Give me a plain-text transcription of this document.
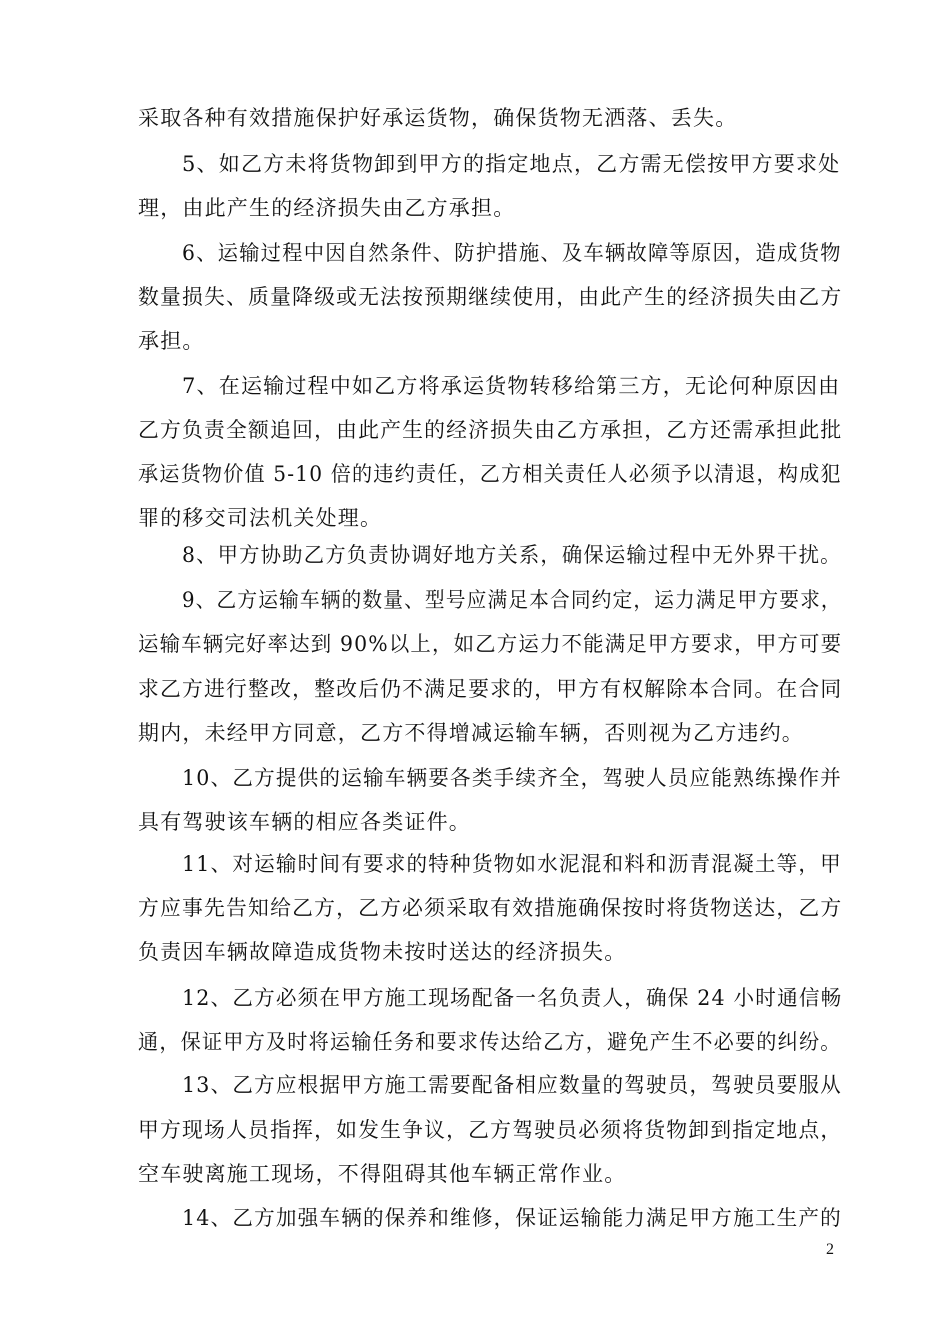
采取各种有效措施保护好承运货物，确保货物无洒落、丢失。
5、如乙方未将货物卸到甲方的指定地点，乙方需无偿按甲方要求处
理，由此产生的经济损失由乙方承担。
6、运输过程中因自然条件、防护措施、及车辆故障等原因，造成货物
数量损失、质量降级或无法按预期继续使用，由此产生的经济损失由乙方
承担。
7、在运输过程中如乙方将承运货物转移给第三方，无论何种原因由
乙方负责全额追回，由此产生的经济损失由乙方承担，乙方还需承担此批
承运货物价值 5-10 倍的违约责任，乙方相关责任人必须予以清退，构成犯
罪的移交司法机关处理。
8、甲方协助乙方负责协调好地方关系，确保运输过程中无外界干扰。
9、乙方运输车辆的数量、型号应满足本合同约定，运力满足甲方要求，
运输车辆完好率达到 90%以上，如乙方运力不能满足甲方要求，甲方可要
求乙方进行整改，整改后仍不满足要求的，甲方有权解除本合同。在合同
期内，未经甲方同意，乙方不得增减运输车辆，否则视为乙方违约。
10、乙方提供的运输车辆要各类手续齐全，驾驶人员应能熟练操作并
具有驾驶该车辆的相应各类证件。
11、对运输时间有要求的特种货物如水泥混和料和沥青混凝土等，甲
方应事先告知给乙方，乙方必须采取有效措施确保按时将货物送达，乙方
负责因车辆故障造成货物未按时送达的经济损失。
12、乙方必须在甲方施工现场配备一名负责人，确保 24 小时通信畅
通，保证甲方及时将运输任务和要求传达给乙方，避免产生不必要的纠纷。
13、乙方应根据甲方施工需要配备相应数量的驾驶员，驾驶员要服从
甲方现场人员指挥，如发生争议，乙方驾驶员必须将货物卸到指定地点，
空车驶离施工现场，不得阻碍其他车辆正常作业。
14、乙方加强车辆的保养和维修，保证运输能力满足甲方施工生产的
2
